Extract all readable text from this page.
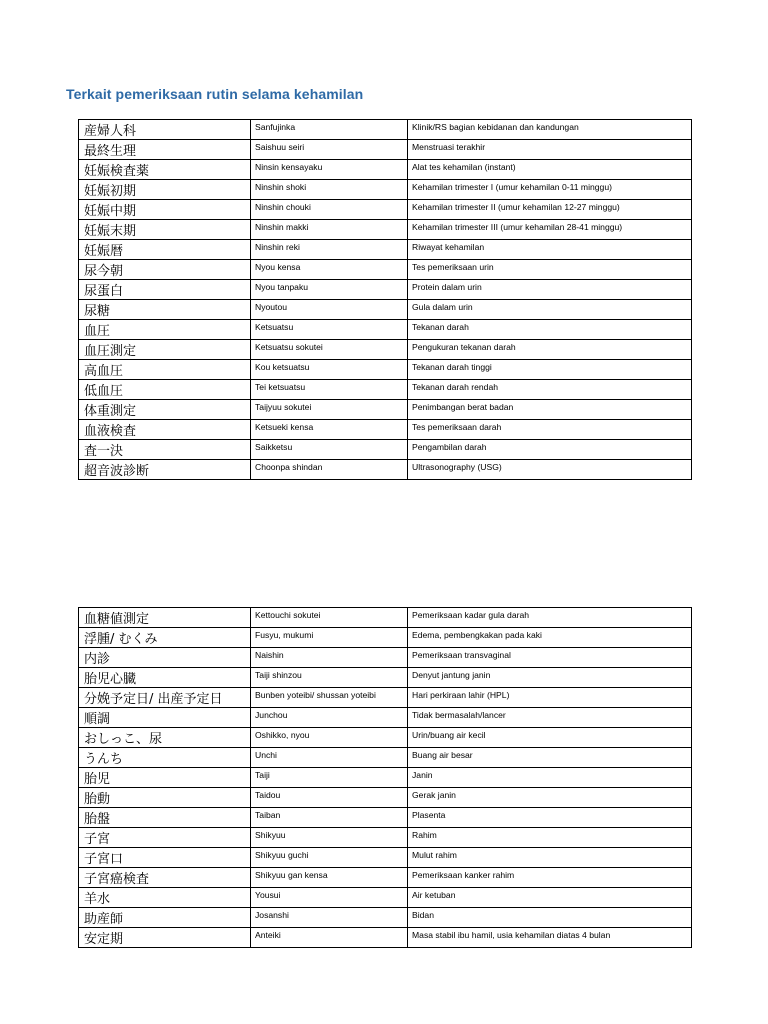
Terkait pemeriksaan rutin selama kehamilan
産婦人科	Sanfujinka	Klinik/RS bagian kebidanan dan kandungan
最終生理	Saishuu seiri	Menstruasi terakhir
妊娠検査薬	Ninsin kensayaku	Alat tes kehamilan (instant)
妊娠初期	Ninshin shoki	Kehamilan trimester I (umur kehamilan 0-11 minggu)
妊娠中期	Ninshin chouki	Kehamilan trimester II (umur kehamilan 12-27 minggu)
妊娠末期	Ninshin makki	Kehamilan trimester III (umur kehamilan 28-41 minggu)
妊娠暦	Ninshin reki	Riwayat kehamilan
尿今朝	Nyou kensa	Tes pemeriksaan urin
尿蛋白	Nyou tanpaku	Protein dalam urin
尿糖	Nyoutou	Gula dalam urin
血圧	Ketsuatsu	Tekanan darah
血圧測定	Ketsuatsu sokutei	Pengukuran tekanan darah
高血圧	Kou ketsuatsu	Tekanan darah tinggi
低血圧	Tei ketsuatsu	Tekanan darah rendah
体重測定	Taijyuu sokutei	Penimbangan berat badan
血液検査	Ketsueki kensa	Tes pemeriksaan darah
査一決	Saikketsu	Pengambilan darah
超音波診断	Choonpa shindan	Ultrasonography (USG)
血糖値測定	Kettouchi sokutei	Pemeriksaan kadar gula darah
浮腫/ むくみ	Fusyu, mukumi	Edema, pembengkakan pada kaki
内診	Naishin	Pemeriksaan transvaginal
胎児心臓	Taiji shinzou	Denyut jantung janin
分娩予定日/ 出産予定日	Bunben yoteibi/ shussan yoteibi	Hari perkiraan lahir (HPL)
順調	Junchou	Tidak bermasalah/lancer
おしっこ、尿	Oshikko, nyou	Urin/buang air kecil
うんち	Unchi	Buang air besar
胎児	Taiji	Janin
胎動	Taidou	Gerak janin
胎盤	Taiban	Plasenta
子宮	Shikyuu	Rahim
子宮口	Shikyuu guchi	Mulut rahim
子宮癌検査	Shikyuu gan kensa	Pemeriksaan kanker rahim
羊水	Yousui	Air ketuban
助産師	Josanshi	Bidan
安定期	Anteiki	Masa stabil ibu hamil, usia kehamilan diatas 4 bulan
